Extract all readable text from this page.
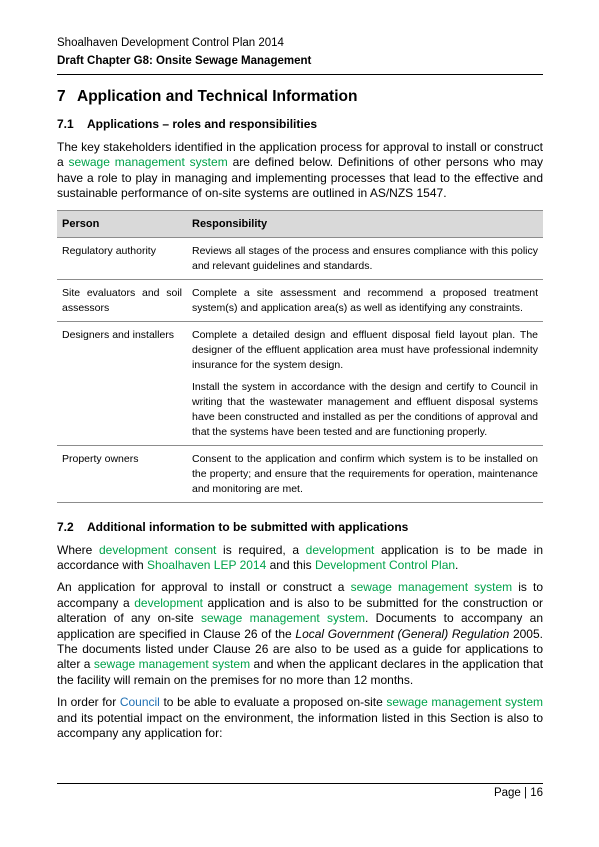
Shoalhaven Development Control Plan 2014
Draft Chapter G8: Onsite Sewage Management
7 Application and Technical Information
7.1 Applications – roles and responsibilities

The key stakeholders identified in the application process for approval to install or construct a sewage management system are defined below. Definitions of other persons who may have a role to play in managing and implementing processes that lead to the effective and sustainable performance of on-site systems are outlined in AS/NZS 1547.

Person	Responsibility
Regulatory authority	Reviews all stages of the process and ensures compliance with this policy and relevant guidelines and standards.

Site evaluators and soil assessors	Complete a site assessment and recommend a proposed treatment system(s) and application area(s) as well as identifying any constraints.

Designers and installers	Complete a detailed design and effluent disposal field layout plan. The designer of the effluent application area must have professional indemnity insurance for the system design.
Install the system in accordance with the design and certify to Council in writing that the wastewater management and effluent disposal systems have been constructed and installed as per the conditions of approval and that the systems have been tested and are functioning properly.

Property owners	Consent to the application and confirm which system is to be installed on the property; and ensure that the requirements for operation, maintenance and monitoring are met.
7.2 Additional information to be submitted with applications

Where development consent is required, a development application is to be made in accordance with Shoalhaven LEP 2014 and this Development Control Plan.

An application for approval to install or construct a sewage management system is to accompany a development application and is also to be submitted for the construction or alteration of any on-site sewage management system. Documents to accompany an application are specified in Clause 26 of the Local Government (General) Regulation 2005. The documents listed under Clause 26 are also to be used as a guide for applications to alter a sewage management system and when the applicant declares in the application that the facility will remain on the premises for no more than 12 months.

In order for Council to be able to evaluate a proposed on-site sewage management system and its potential impact on the environment, the information listed in this Section is also to accompany any application for:

Page | 16
